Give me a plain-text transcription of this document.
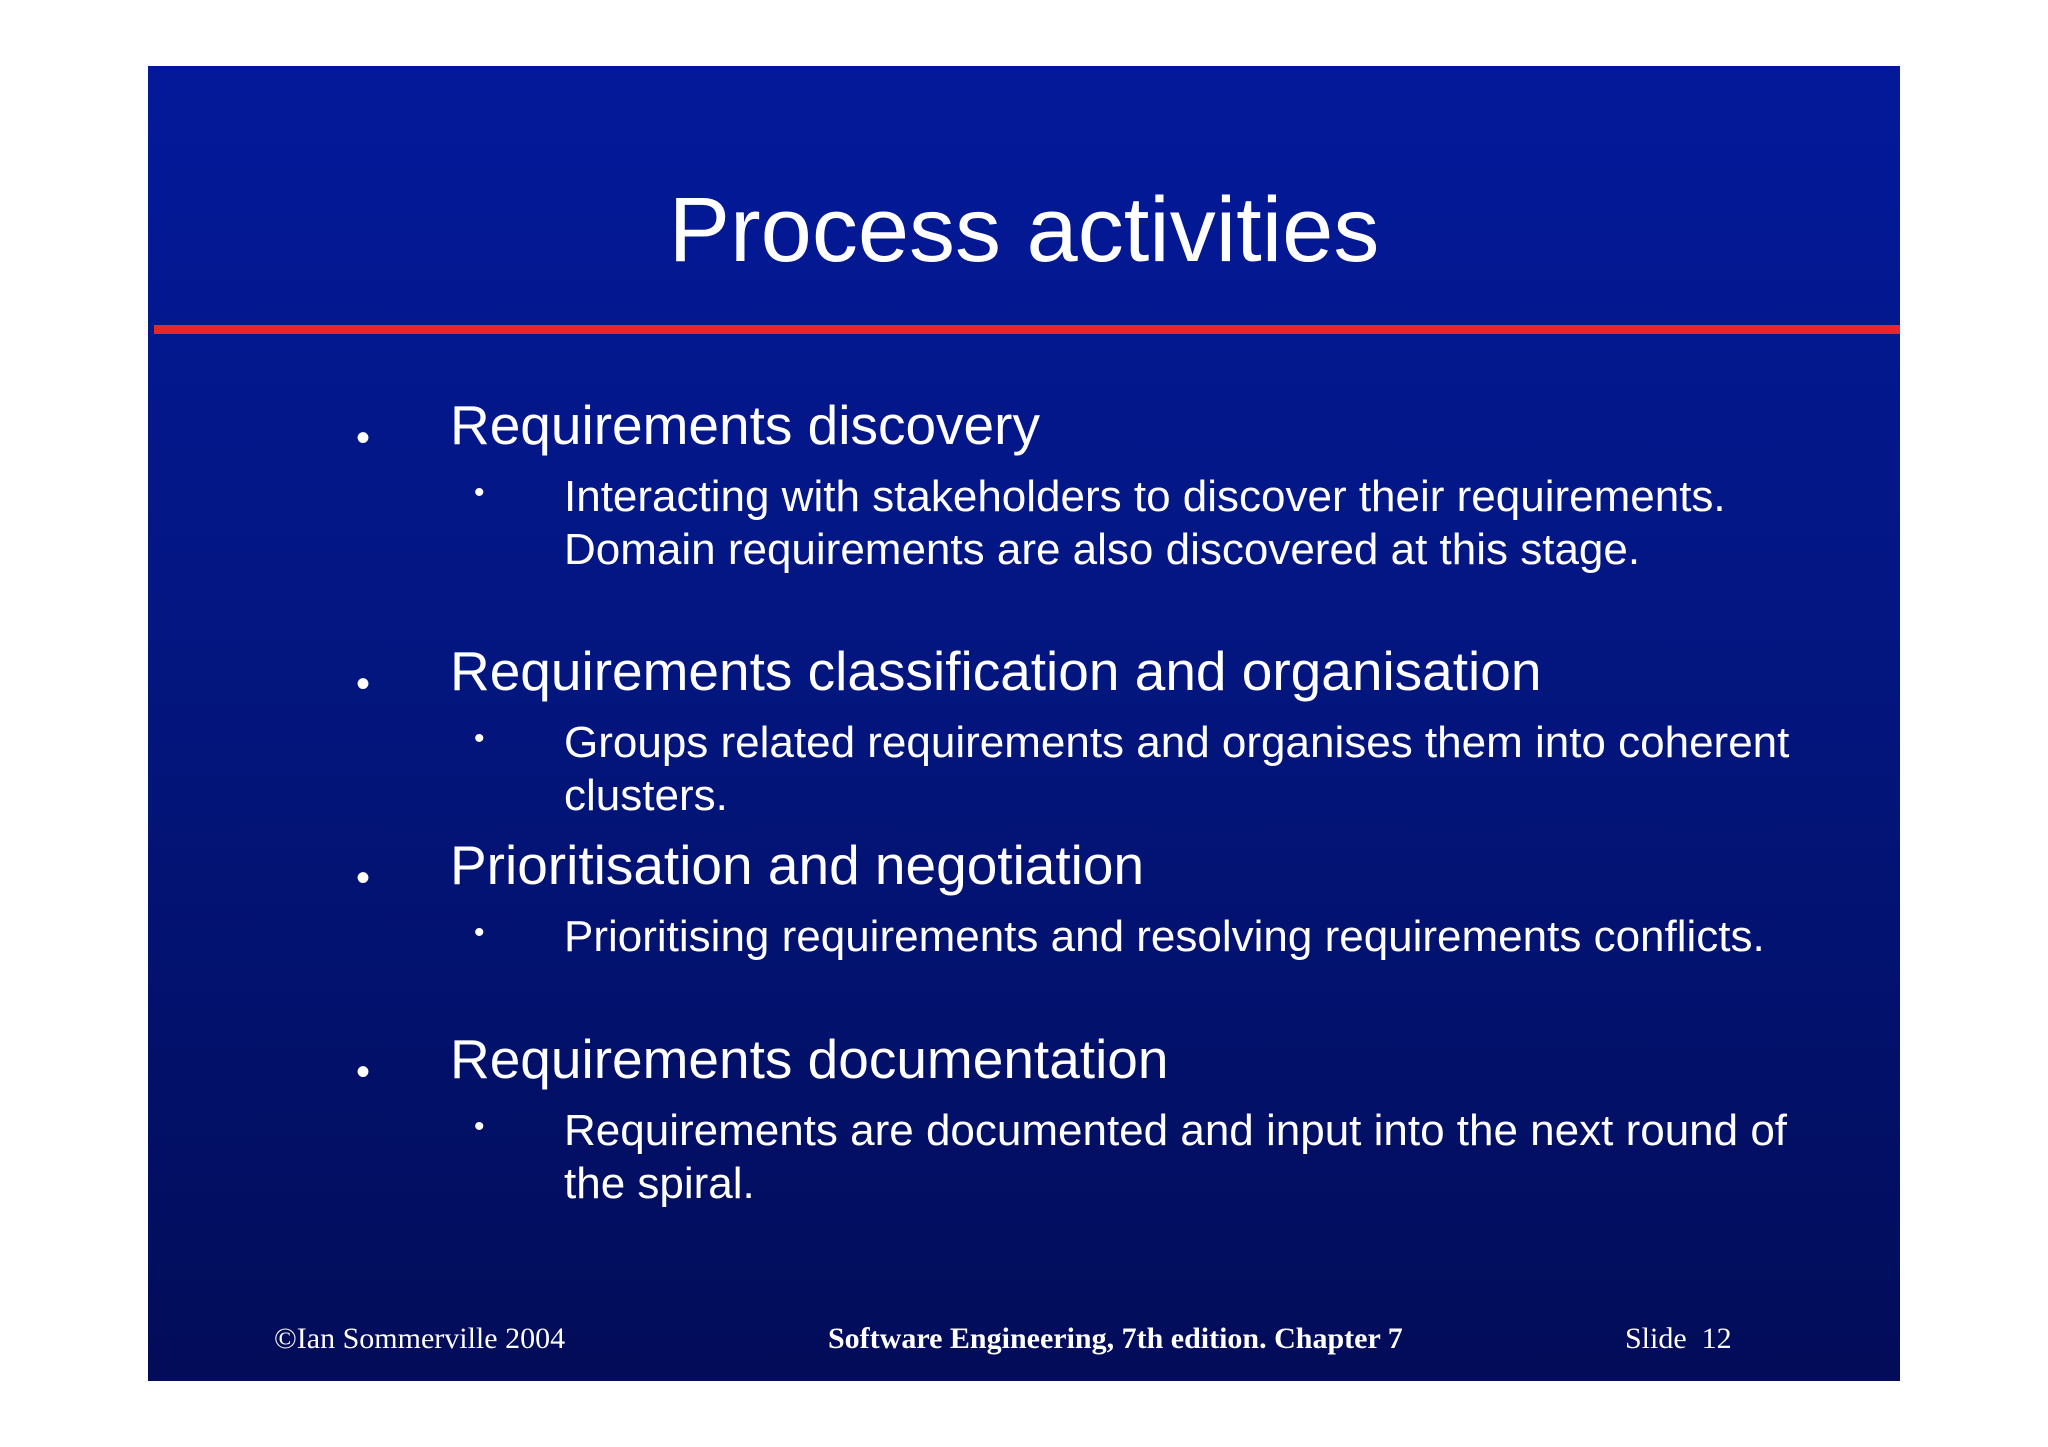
Process activities
• Requirements discovery
• Interacting with stakeholders to discover their requirements. Domain requirements are also discovered at this stage.
• Requirements classification and organisation
• Groups related requirements and organises them into coherent clusters.
• Prioritisation and negotiation
• Prioritising requirements and resolving requirements conflicts.
• Requirements documentation
• Requirements are documented and input into the next round of the spiral.
©Ian Sommerville 2004	Software Engineering, 7th edition. Chapter 7	Slide  12
